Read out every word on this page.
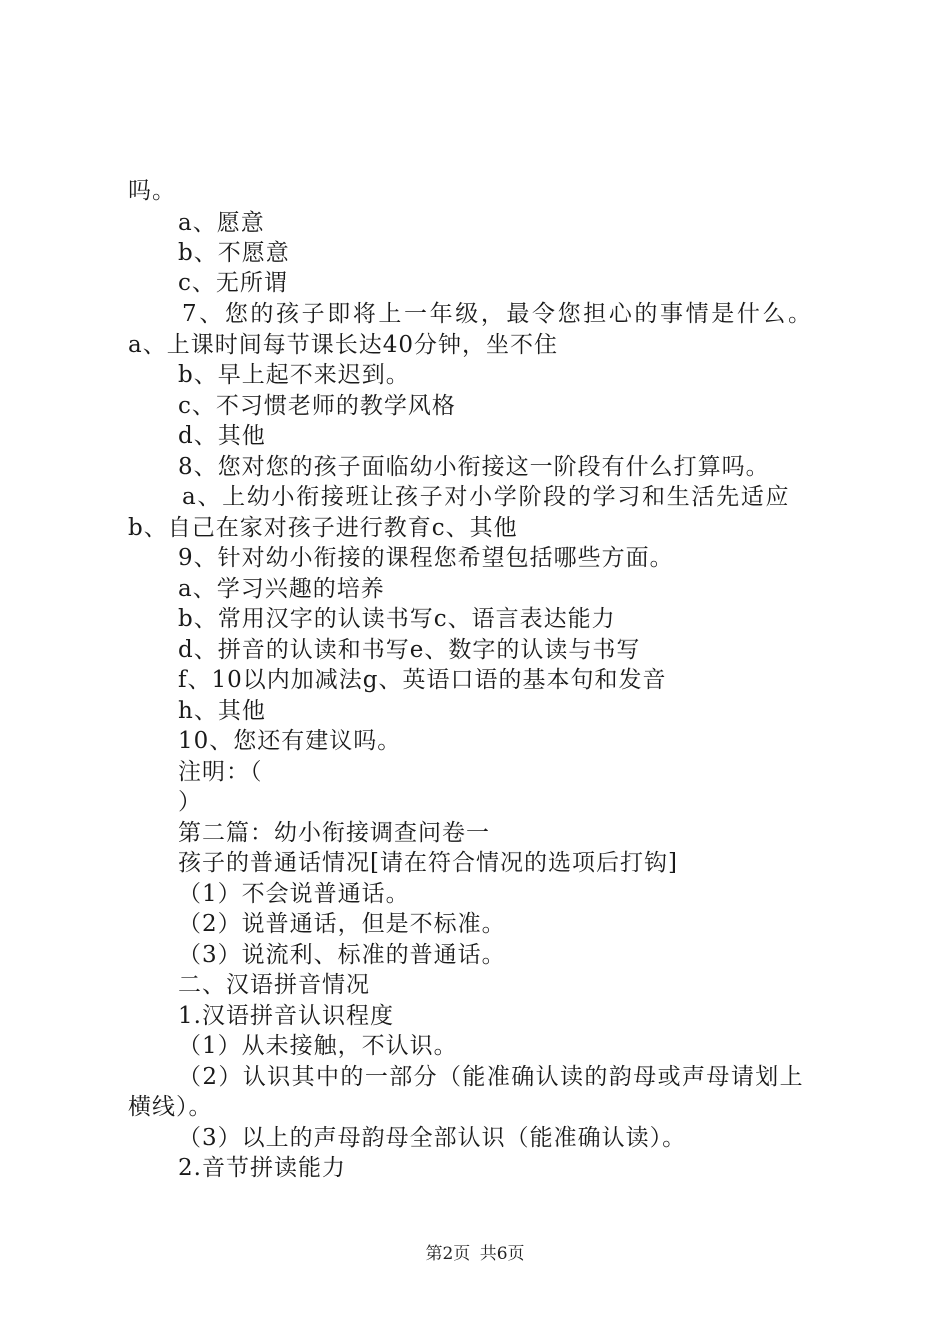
吗。
a、愿意
b、不愿意
c、无所谓
7、您的孩子即将上一年级，最令您担心的事情是什么。
a、上课时间每节课长达40分钟，坐不住
b、早上起不来迟到。
c、不习惯老师的教学风格
d、其他
8、您对您的孩子面临幼小衔接这一阶段有什么打算吗。
a、上幼小衔接班让孩子对小学阶段的学习和生活先适应
b、自己在家对孩子进行教育c、其他
9、针对幼小衔接的课程您希望包括哪些方面。
a、学习兴趣的培养
b、常用汉字的认读书写c、语言表达能力
d、拼音的认读和书写e、数字的认读与书写
f、10以内加减法g、英语口语的基本句和发音
h、其他
10、您还有建议吗。
注明：（
）
第二篇：幼小衔接调查问卷一
孩子的普通话情况[请在符合情况的选项后打钩]
（1）不会说普通话。
（2）说普通话，但是不标准。
（3）说流利、标准的普通话。
二、汉语拼音情况
1.汉语拼音认识程度
（1）从未接触，不认识。
（2）认识其中的一部分（能准确认读的韵母或声母请划上
横线）。
（3）以上的声母韵母全部认识（能准确认读）。
2.音节拼读能力
第2页 共6页
